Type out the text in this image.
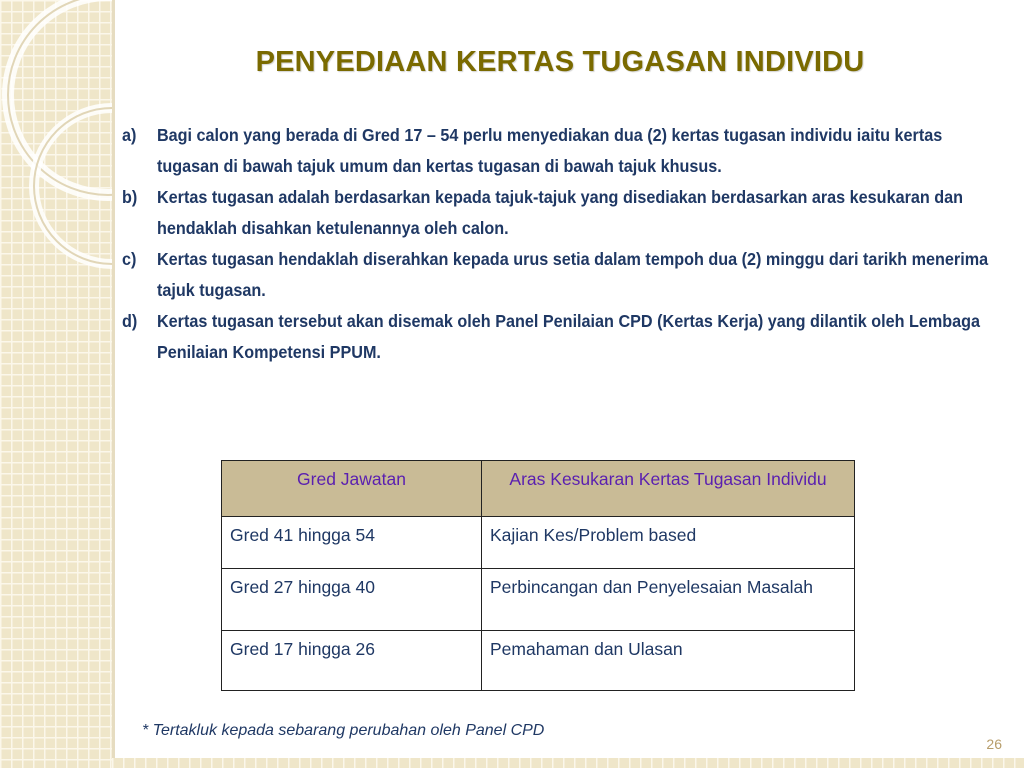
PENYEDIAAN KERTAS TUGASAN INDIVIDU
a) Bagi calon yang berada di Gred 17 – 54 perlu menyediakan dua (2) kertas tugasan individu iaitu kertas tugasan di bawah tajuk umum dan kertas tugasan di bawah tajuk khusus.
b) Kertas tugasan adalah berdasarkan kepada tajuk-tajuk yang disediakan berdasarkan aras kesukaran dan hendaklah disahkan ketulenannya oleh calon.
c) Kertas tugasan hendaklah diserahkan kepada urus setia dalam tempoh dua (2) minggu dari tarikh menerima tajuk tugasan.
d) Kertas tugasan tersebut akan disemak oleh Panel Penilaian CPD (Kertas Kerja) yang dilantik oleh Lembaga Penilaian Kompetensi PPUM.
Gred Jawatan	Aras Kesukaran Kertas Tugasan Individu
Gred 41 hingga 54	Kajian Kes/Problem based
Gred 27 hingga 40	Perbincangan dan Penyelesaian Masalah
Gred 17 hingga 26	Pemahaman dan Ulasan

* Tertakluk kepada sebarang perubahan oleh Panel CPD

26
